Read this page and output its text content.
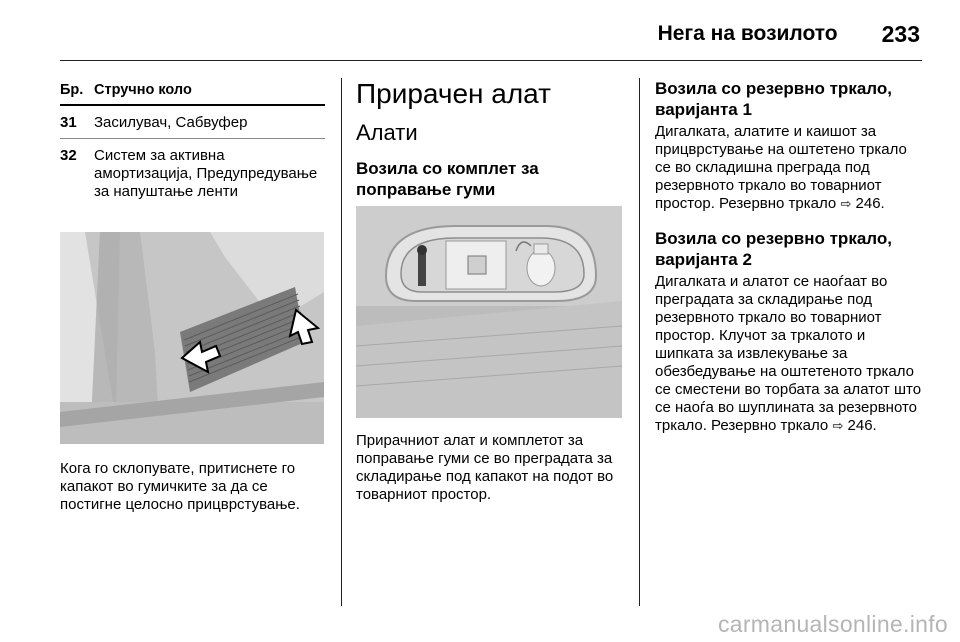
Нега на возилото 233
Бр. Стручно коло
31	Засилувач, Сабвуфер
32	Систем за активна амортизација, Предупредување за напуштање ленти
Кога го склопувате, притиснете го капакот во гумичките за да се постигне целосно прицврстување.
Прирачен алат
Алати
Возила со комплет за поправање гуми
Прирачниот алат и комплетот за поправање гуми се во преградата за складирање под капакот на подот во товарниот простор.
Возила со резервно тркало, варијанта 1
Дигалката, алатите и каишот за прицврстување на оштетено тркало се во складишна преграда под резервното тркало во товарниот простор. Резервно тркало ⇨ 246.
Возила со резервно тркало, варијанта 2
Дигалката и алатот се наоѓаат во преградата за складирање под резервното тркало во товарниот простор. Клучот за тркалото и шипката за извлекување за обезбедување на оштетеното тркало се сместени во торбата за алатот што се наоѓа во шуплината за резервното тркало. Резервно тркало ⇨ 246.
carmanualsonline.info
